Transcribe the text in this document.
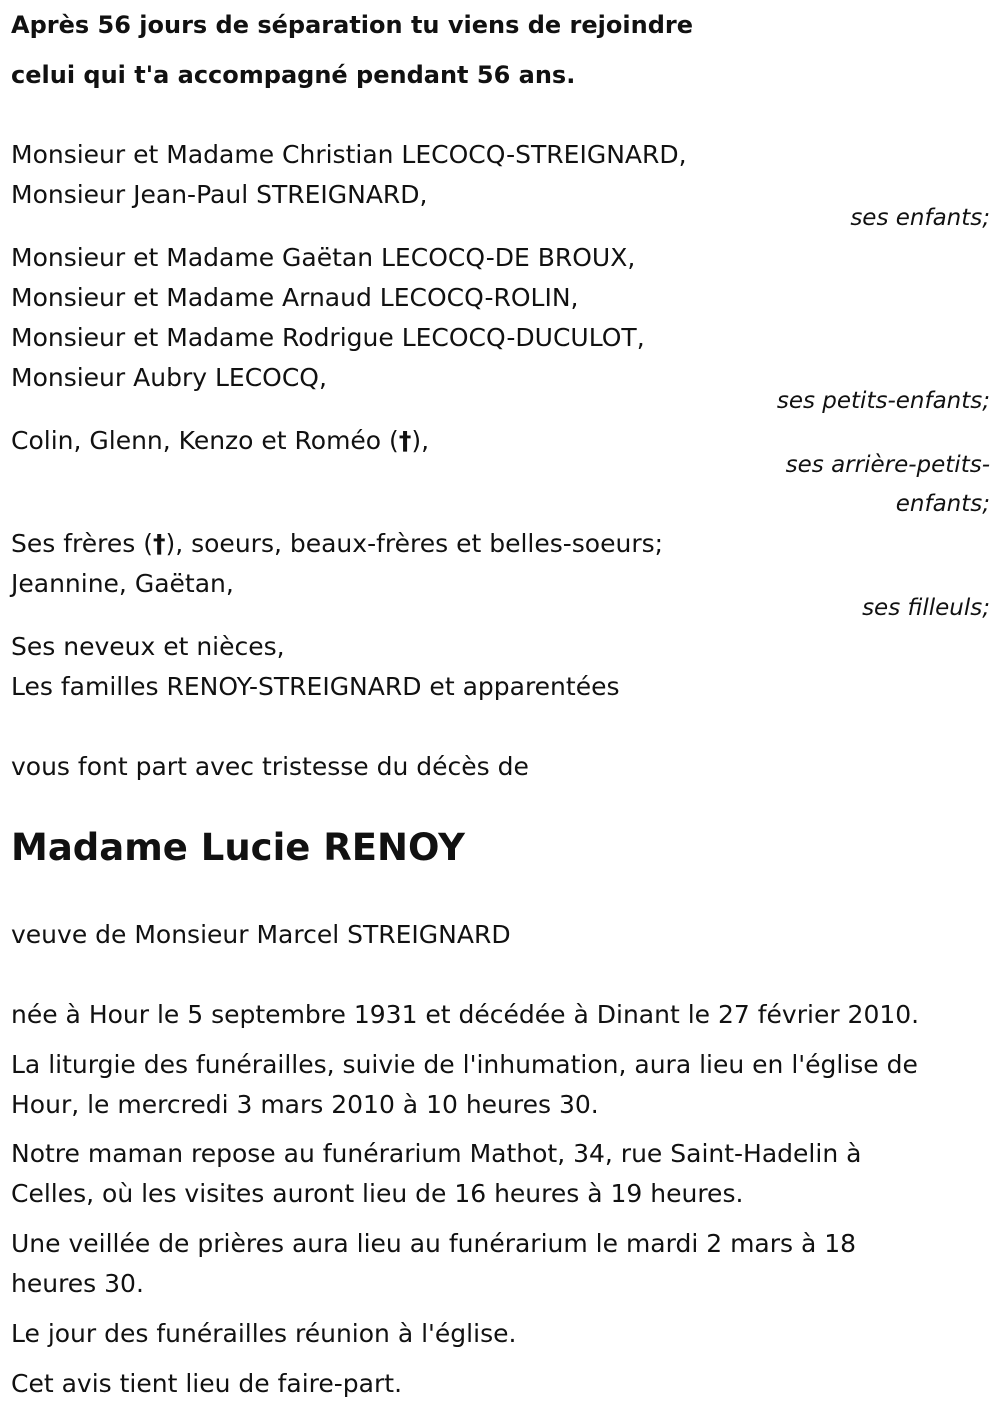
Après 56 jours de séparation tu viens de rejoindre

celui qui t'a accompagné pendant 56 ans.

Monsieur et Madame Christian LECOCQ-STREIGNARD,

Monsieur Jean-Paul STREIGNARD,

ses enfants;

Monsieur et Madame Gaëtan LECOCQ-DE BROUX,

Monsieur et Madame Arnaud LECOCQ-ROLIN,

Monsieur et Madame Rodrigue LECOCQ-DUCULOT,

Monsieur Aubry LECOCQ,

ses petits-enfants;

Colin, Glenn, Kenzo et Roméo (†),

ses arrière-petits-

enfants;

Ses frères (†), soeurs, beaux-frères et belles-soeurs;

Jeannine, Gaëtan,

ses filleuls;

Ses neveux et nièces,

Les familles RENOY-STREIGNARD et apparentées

vous font part avec tristesse du décès de

Madame Lucie RENOY

veuve de Monsieur Marcel STREIGNARD

née à Hour le 5 septembre 1931 et décédée à Dinant le 27 février 2010.

La liturgie des funérailles, suivie de l'inhumation, aura lieu en l'église de

Hour, le mercredi 3 mars 2010 à 10 heures 30.

Notre maman repose au funérarium Mathot, 34, rue Saint-Hadelin à

Celles, où les visites auront lieu de 16 heures à 19 heures.

Une veillée de prières aura lieu au funérarium le mardi 2 mars à 18

heures 30.

Le jour des funérailles réunion à l'église.

Cet avis tient lieu de faire-part.
